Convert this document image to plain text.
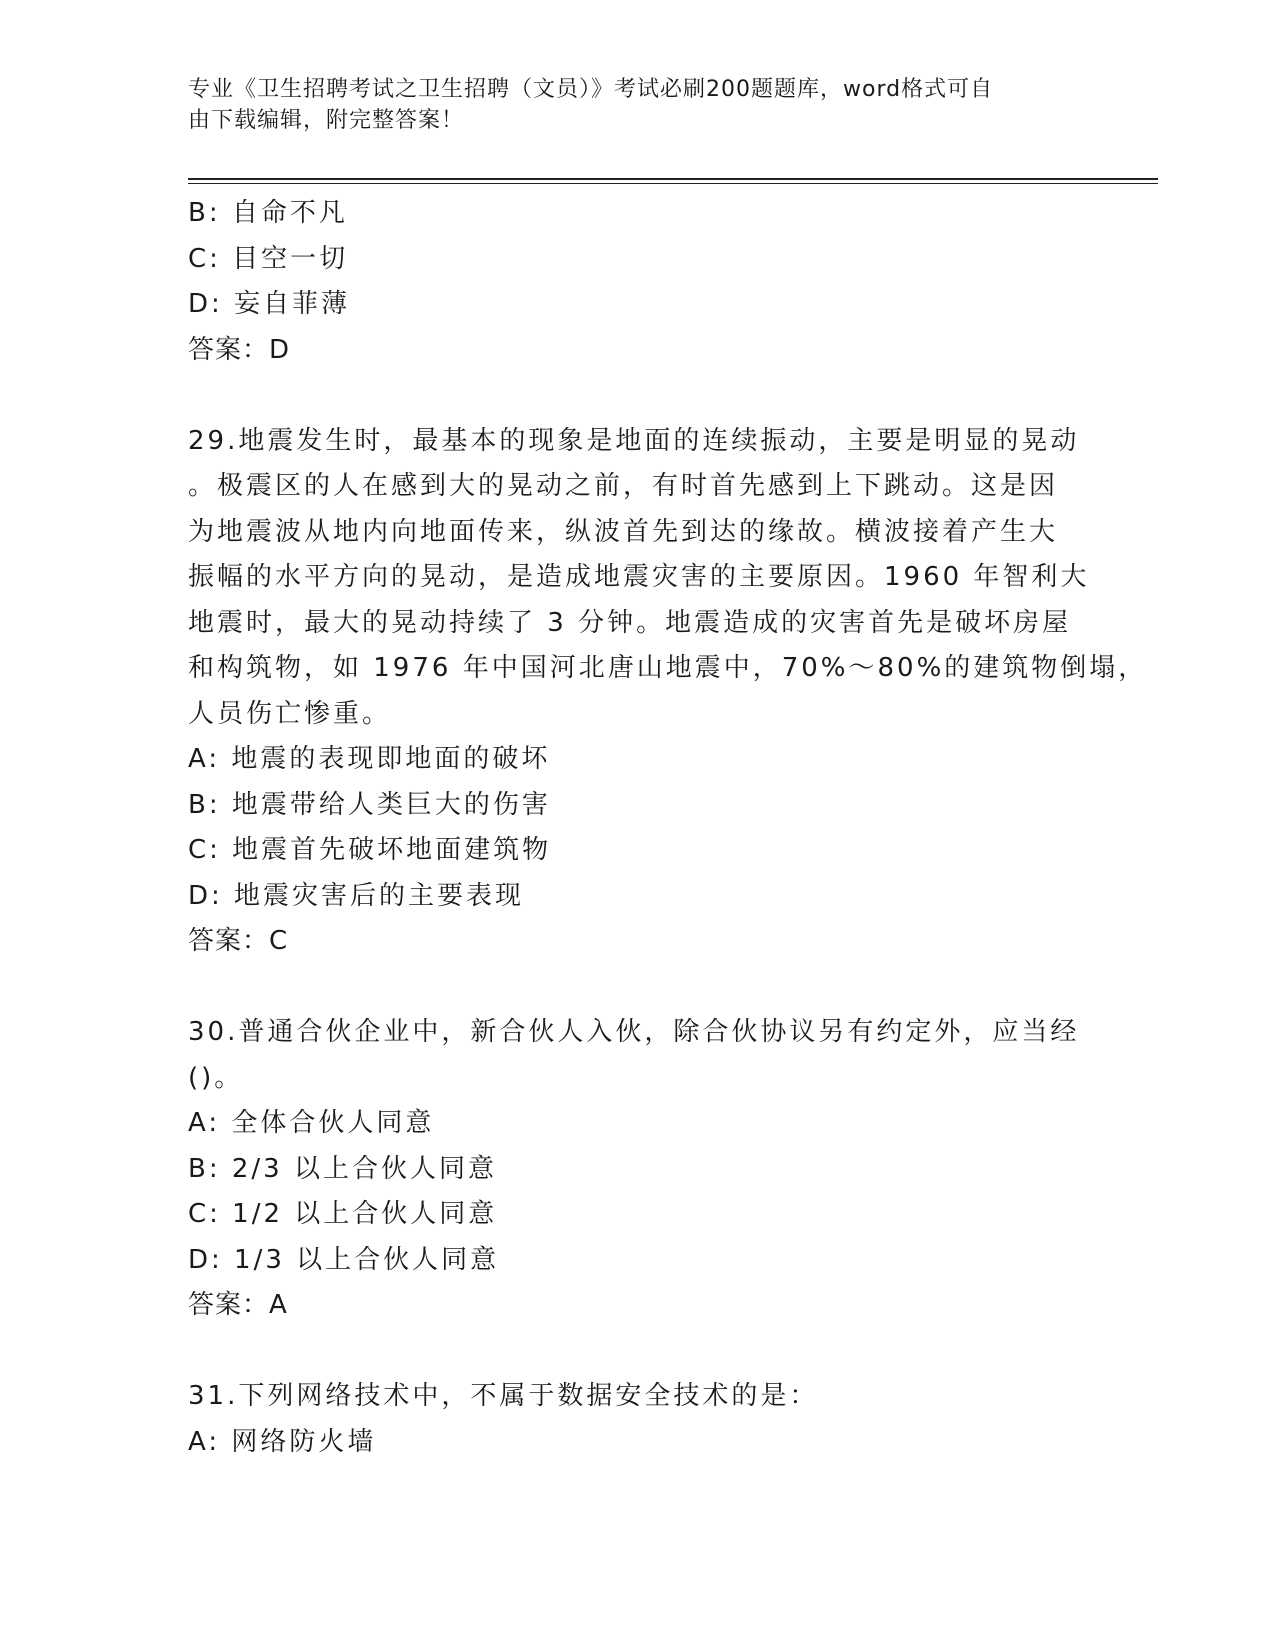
专业《卫生招聘考试之卫生招聘（文员）》考试必刷200题题库，word格式可自
由下载编辑，附完整答案！
B: 自命不凡
C: 目空一切
D: 妄自菲薄
答案：D
29.地震发生时，最基本的现象是地面的连续振动，主要是明显的晃动
。极震区的人在感到大的晃动之前，有时首先感到上下跳动。这是因
为地震波从地内向地面传来，纵波首先到达的缘故。横波接着产生大
振幅的水平方向的晃动，是造成地震灾害的主要原因。1960 年智利大
地震时，最大的晃动持续了 3 分钟。地震造成的灾害首先是破坏房屋
和构筑物，如 1976 年中国河北唐山地震中，70%～80%的建筑物倒塌，
人员伤亡惨重。
A: 地震的表现即地面的破坏
B: 地震带给人类巨大的伤害
C: 地震首先破坏地面建筑物
D: 地震灾害后的主要表现
答案：C
30.普通合伙企业中，新合伙人入伙，除合伙协议另有约定外，应当经
()。
A: 全体合伙人同意
B: 2/3 以上合伙人同意
C: 1/2 以上合伙人同意
D: 1/3 以上合伙人同意
答案：A
31.下列网络技术中，不属于数据安全技术的是：
A: 网络防火墙
